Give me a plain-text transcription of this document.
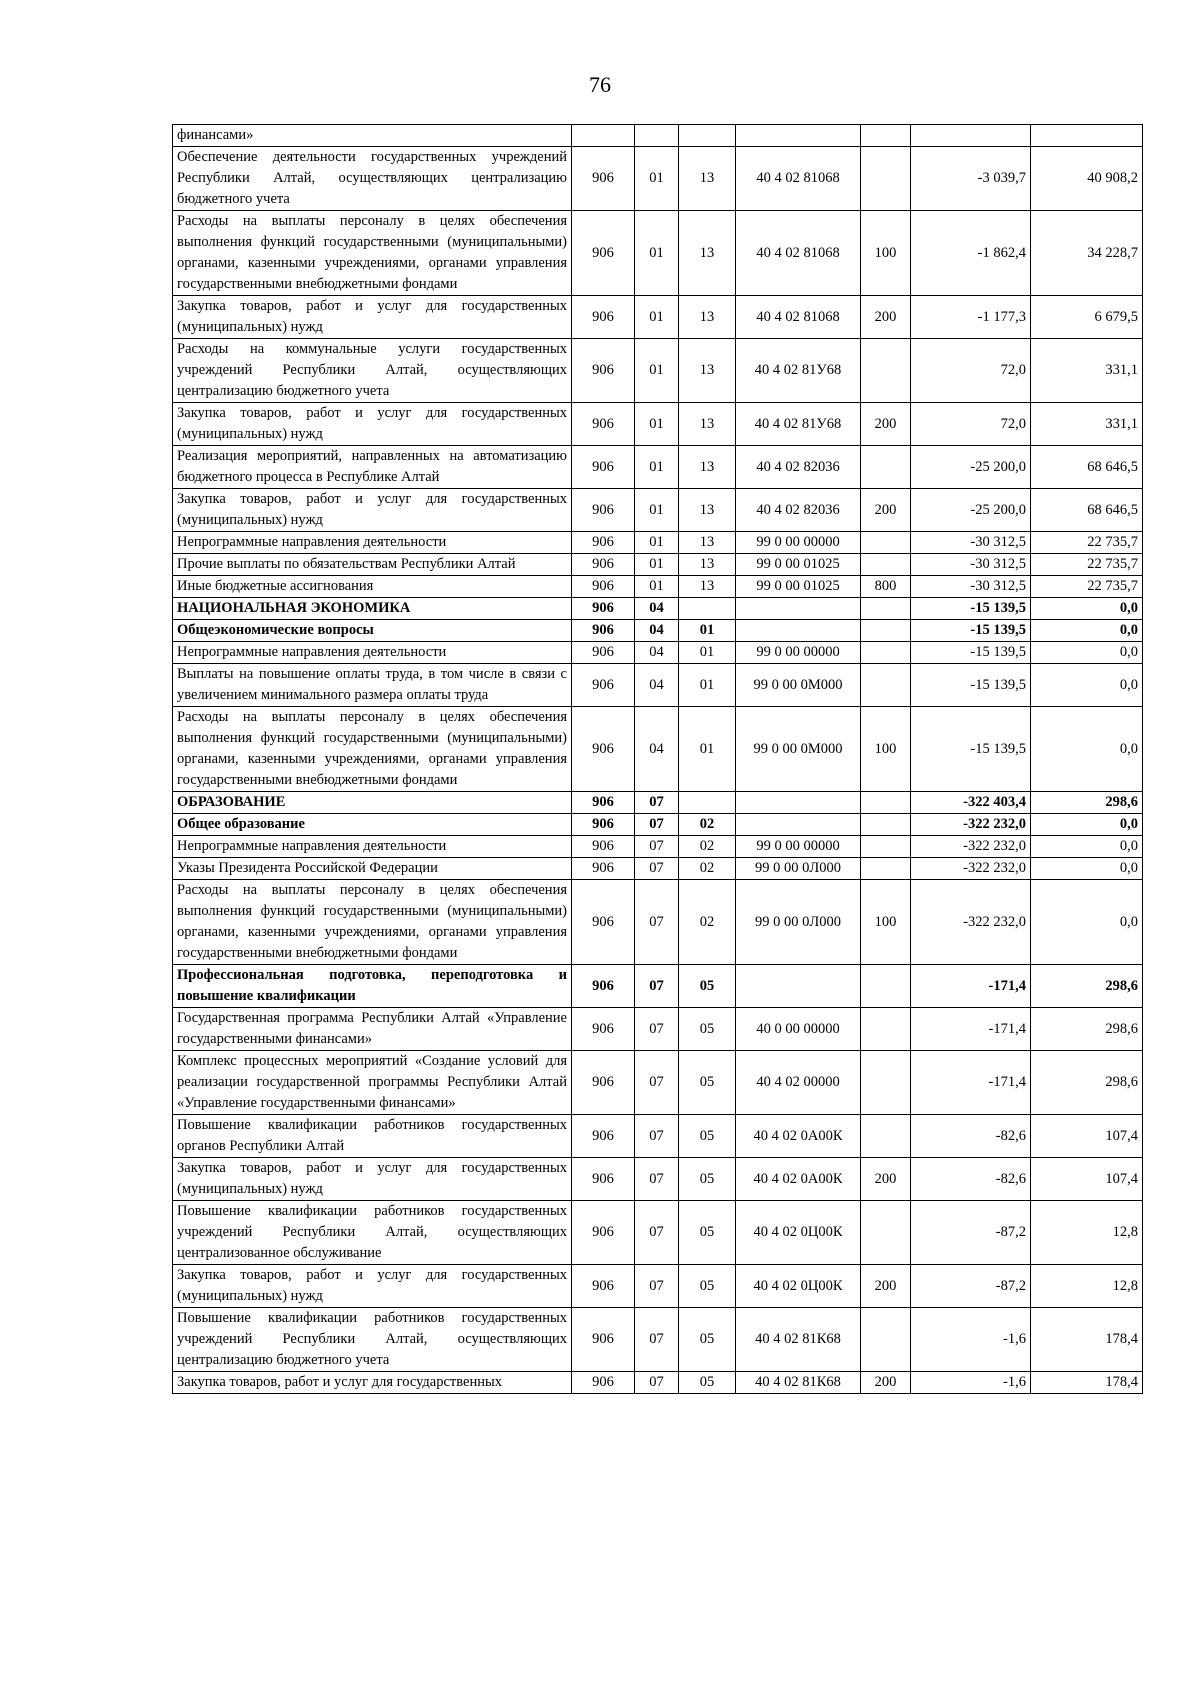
76
финансами»							
Обеспечение деятельности государственных учреждений Республики Алтай, осуществляющих централизацию бюджетного учета	906	01	13	40 4 02 81068		-3 039,7	40 908,2
Расходы на выплаты персоналу в целях обеспечения выполнения функций государственными (муниципальными) органами, казенными учреждениями, органами управления государственными внебюджетными фондами	906	01	13	40 4 02 81068	100	-1 862,4	34 228,7
Закупка товаров, работ и услуг для государственных (муниципальных) нужд	906	01	13	40 4 02 81068	200	-1 177,3	6 679,5
Расходы на коммунальные услуги государственных учреждений Республики Алтай, осуществляющих централизацию бюджетного учета	906	01	13	40 4 02 81У68		72,0	331,1
Закупка товаров, работ и услуг для государственных (муниципальных) нужд	906	01	13	40 4 02 81У68	200	72,0	331,1
Реализация мероприятий, направленных на автоматизацию бюджетного процесса в Республике Алтай	906	01	13	40 4 02 82036		-25 200,0	68 646,5
Закупка товаров, работ и услуг для государственных (муниципальных) нужд	906	01	13	40 4 02 82036	200	-25 200,0	68 646,5
Непрограммные направления деятельности	906	01	13	99 0 00 00000		-30 312,5	22 735,7
Прочие выплаты по обязательствам Республики Алтай	906	01	13	99 0 00 01025		-30 312,5	22 735,7
Иные бюджетные ассигнования	906	01	13	99 0 00 01025	800	-30 312,5	22 735,7
НАЦИОНАЛЬНАЯ ЭКОНОМИКА	906	04				-15 139,5	0,0
Общеэкономические вопросы	906	04	01			-15 139,5	0,0
Непрограммные направления деятельности	906	04	01	99 0 00 00000		-15 139,5	0,0
Выплаты на повышение оплаты труда, в том числе в связи с увеличением минимального размера оплаты труда	906	04	01	99 0 00 0М000		-15 139,5	0,0
Расходы на выплаты персоналу в целях обеспечения выполнения функций государственными (муниципальными) органами, казенными учреждениями, органами управления государственными внебюджетными фондами	906	04	01	99 0 00 0М000	100	-15 139,5	0,0
ОБРАЗОВАНИЕ	906	07				-322 403,4	298,6
Общее образование	906	07	02			-322 232,0	0,0
Непрограммные направления деятельности	906	07	02	99 0 00 00000		-322 232,0	0,0
Указы Президента Российской Федерации	906	07	02	99 0 00 0Л000		-322 232,0	0,0
Расходы на выплаты персоналу в целях обеспечения выполнения функций государственными (муниципальными) органами, казенными учреждениями, органами управления государственными внебюджетными фондами	906	07	02	99 0 00 0Л000	100	-322 232,0	0,0
Профессиональная подготовка, переподготовка и повышение квалификации	906	07	05			-171,4	298,6
Государственная программа Республики Алтай «Управление государственными финансами»	906	07	05	40 0 00 00000		-171,4	298,6
Комплекс процессных мероприятий «Создание условий для реализации государственной программы Республики Алтай «Управление государственными финансами»	906	07	05	40 4 02 00000		-171,4	298,6
Повышение квалификации работников государственных органов Республики Алтай	906	07	05	40 4 02 0А00К		-82,6	107,4
Закупка товаров, работ и услуг для государственных (муниципальных) нужд	906	07	05	40 4 02 0А00К	200	-82,6	107,4
Повышение квалификации работников государственных учреждений Республики Алтай, осуществляющих централизованное обслуживание	906	07	05	40 4 02 0Ц00К		-87,2	12,8
Закупка товаров, работ и услуг для государственных (муниципальных) нужд	906	07	05	40 4 02 0Ц00К	200	-87,2	12,8
Повышение квалификации работников государственных учреждений Республики Алтай, осуществляющих централизацию бюджетного учета	906	07	05	40 4 02 81К68		-1,6	178,4
Закупка товаров, работ и услуг для государственных	906	07	05	40 4 02 81К68	200	-1,6	178,4
